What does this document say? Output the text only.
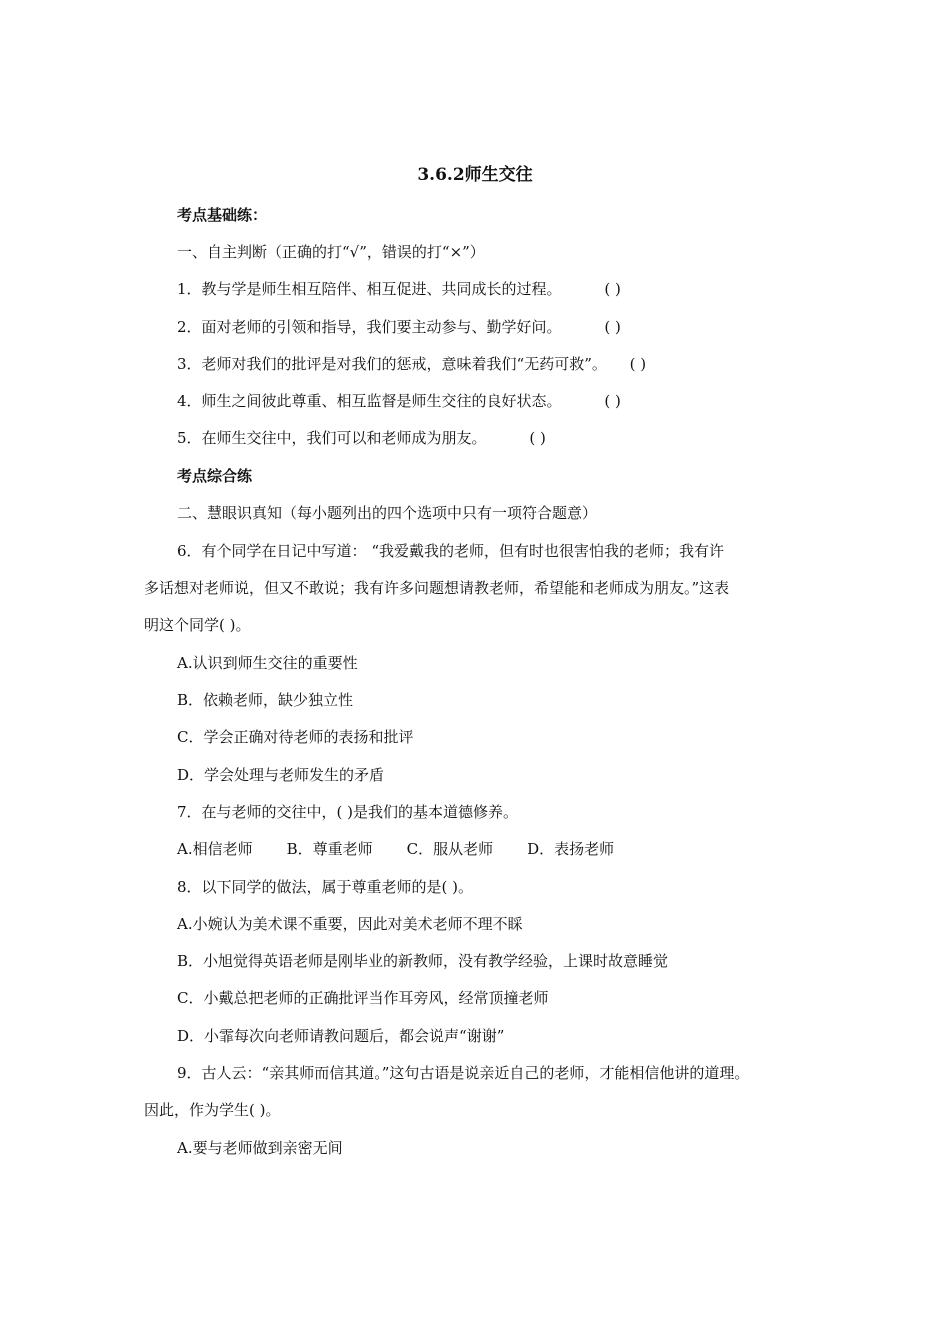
3.6.2师生交往
考点基础练：
一、自主判断（正确的打“√”，错误的打“×”）
1．教与学是师生相互陪伴、相互促进、共同成长的过程。	( )
2．面对老师的引领和指导，我们要主动参与、勤学好问。	( )
3．老师对我们的批评是对我们的惩戒，意味着我们“无药可救”。 ( )
4．师生之间彼此尊重、相互监督是师生交往的良好状态。	( )
5．在师生交往中，我们可以和老师成为朋友。	( )
考点综合练
二、慧眼识真知（每小题列出的四个选项中只有一项符合题意）
6．有个同学在日记中写道： “我爱戴我的老师，但有时也很害怕我的老师；我有许
多话想对老师说，但又不敢说；我有许多问题想请教老师，希望能和老师成为朋友。”这表
明这个同学( )。
A.认识到师生交往的重要性
B．依赖老师，缺少独立性
C．学会正确对待老师的表扬和批评
D．学会处理与老师发生的矛盾
7．在与老师的交往中，( )是我们的基本道德修养。
A.相信老师 B．尊重老师 C．服从老师 D．表扬老师
8．以下同学的做法，属于尊重老师的是( )。
A.小婉认为美术课不重要，因此对美术老师不理不睬
B．小旭觉得英语老师是刚毕业的新教师，没有教学经验，上课时故意睡觉
C．小戴总把老师的正确批评当作耳旁风，经常顶撞老师
D．小霏每次向老师请教问题后，都会说声“谢谢”
9．古人云：“亲其师而信其道。”这句古语是说亲近自己的老师，才能相信他讲的道理。
因此，作为学生( )。
A.要与老师做到亲密无间
